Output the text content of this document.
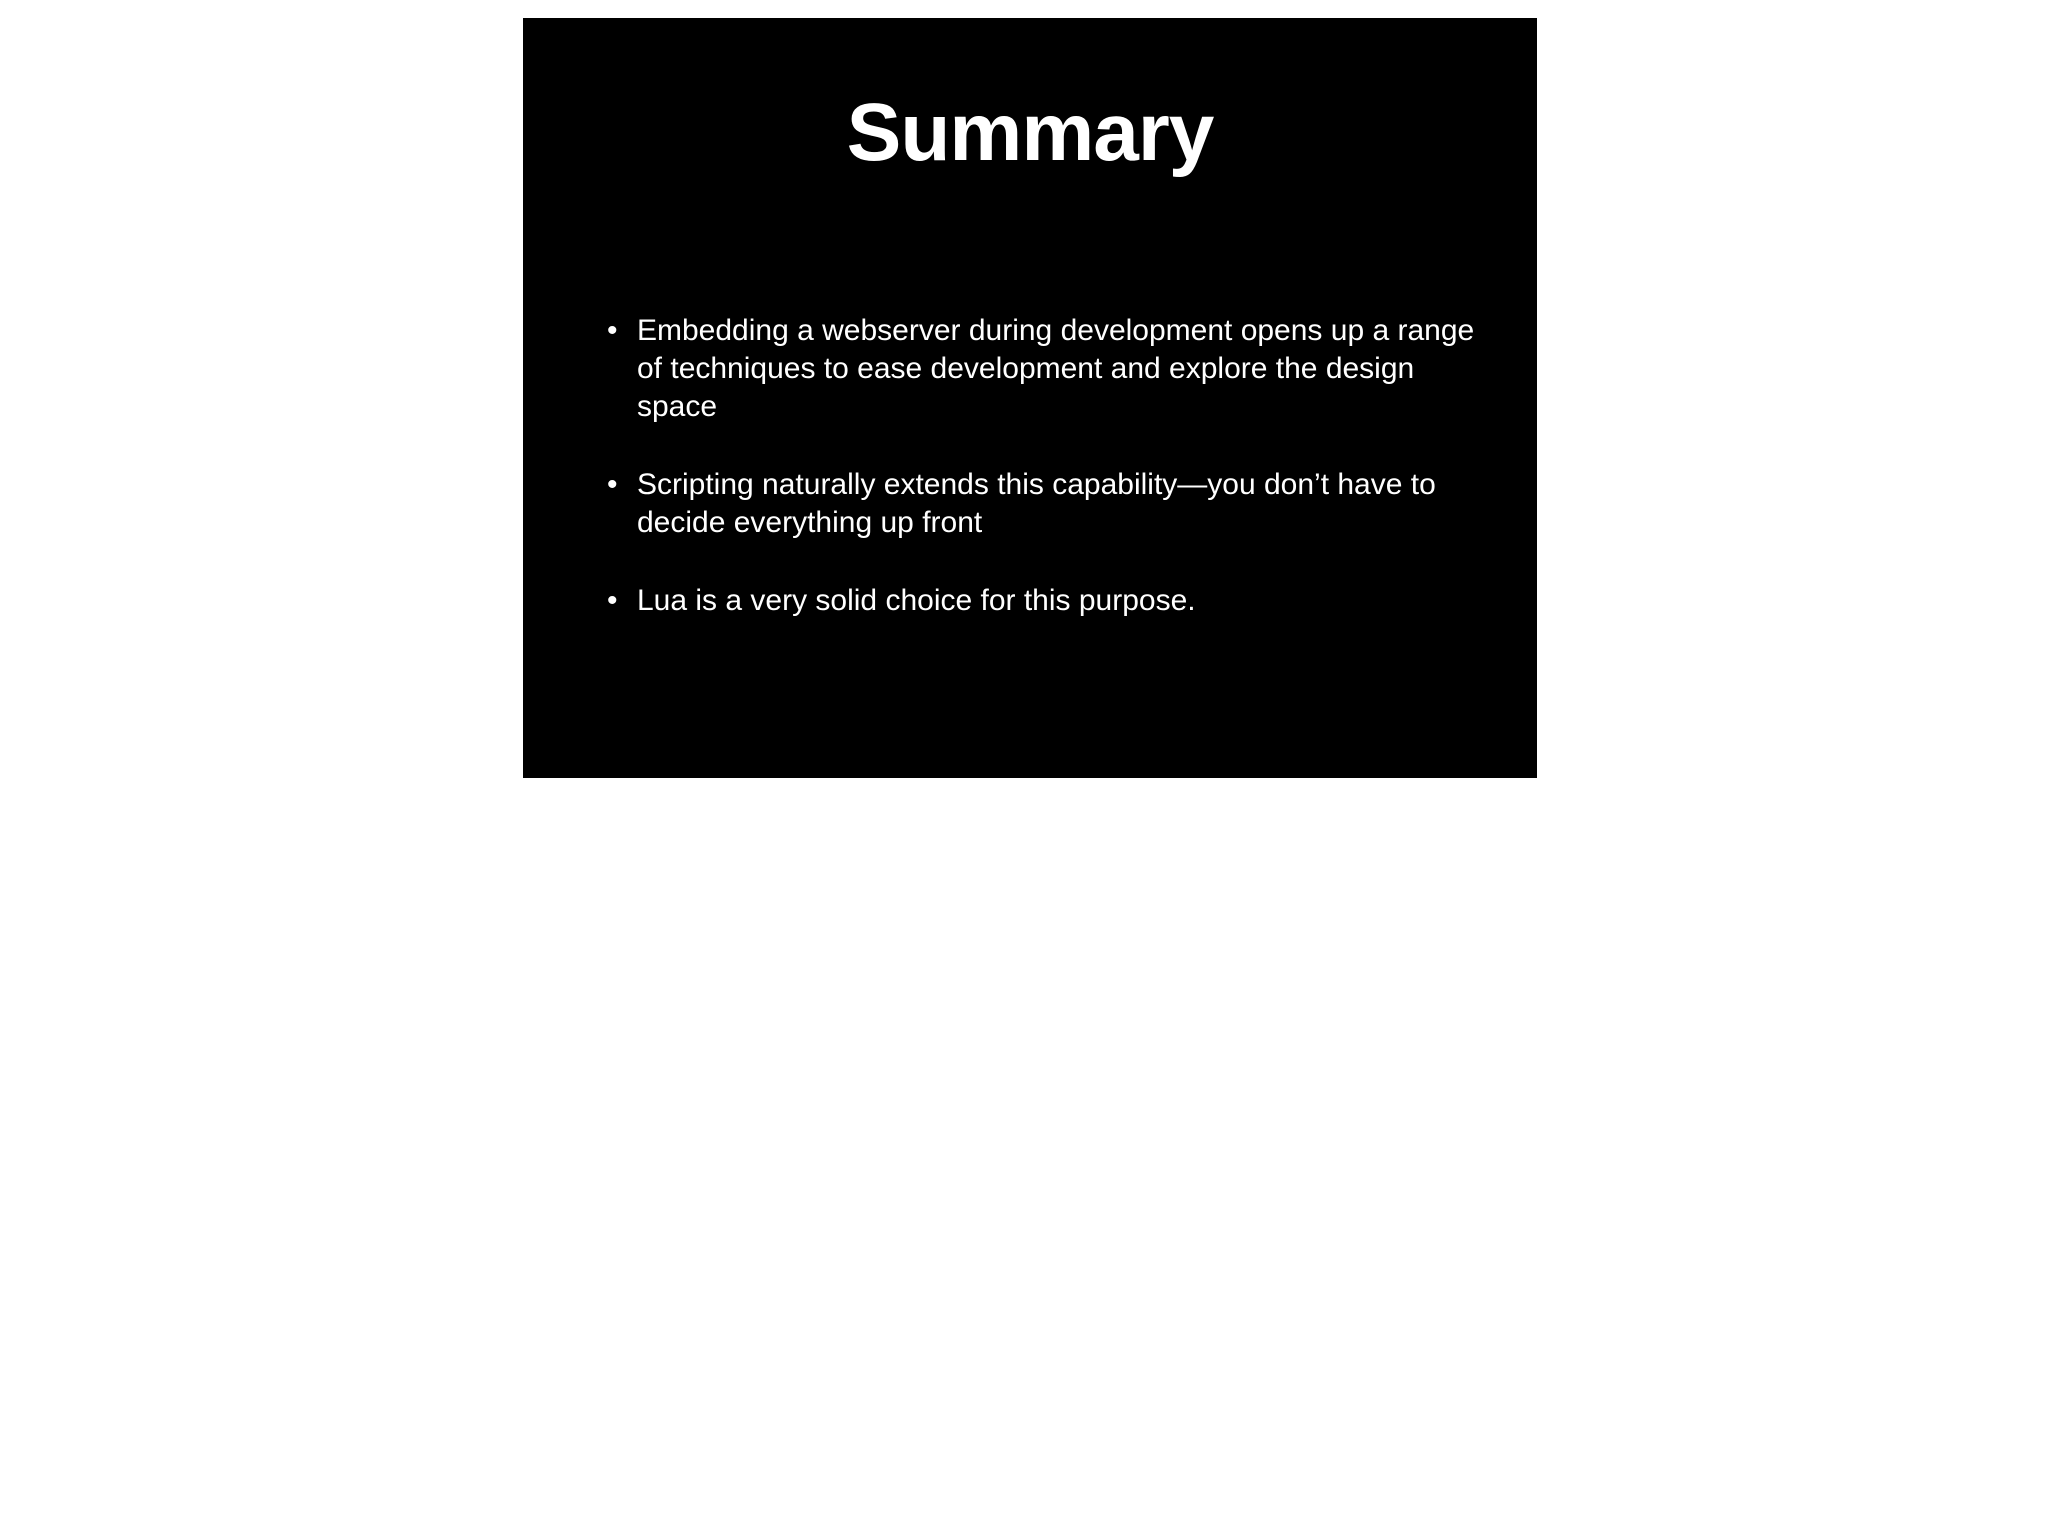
Summary
• Embedding a webserver during development opens up a range of techniques to ease development and explore the design space
• Scripting naturally extends this capability—you don’t have to decide everything up front
• Lua is a very solid choice for this purpose.
